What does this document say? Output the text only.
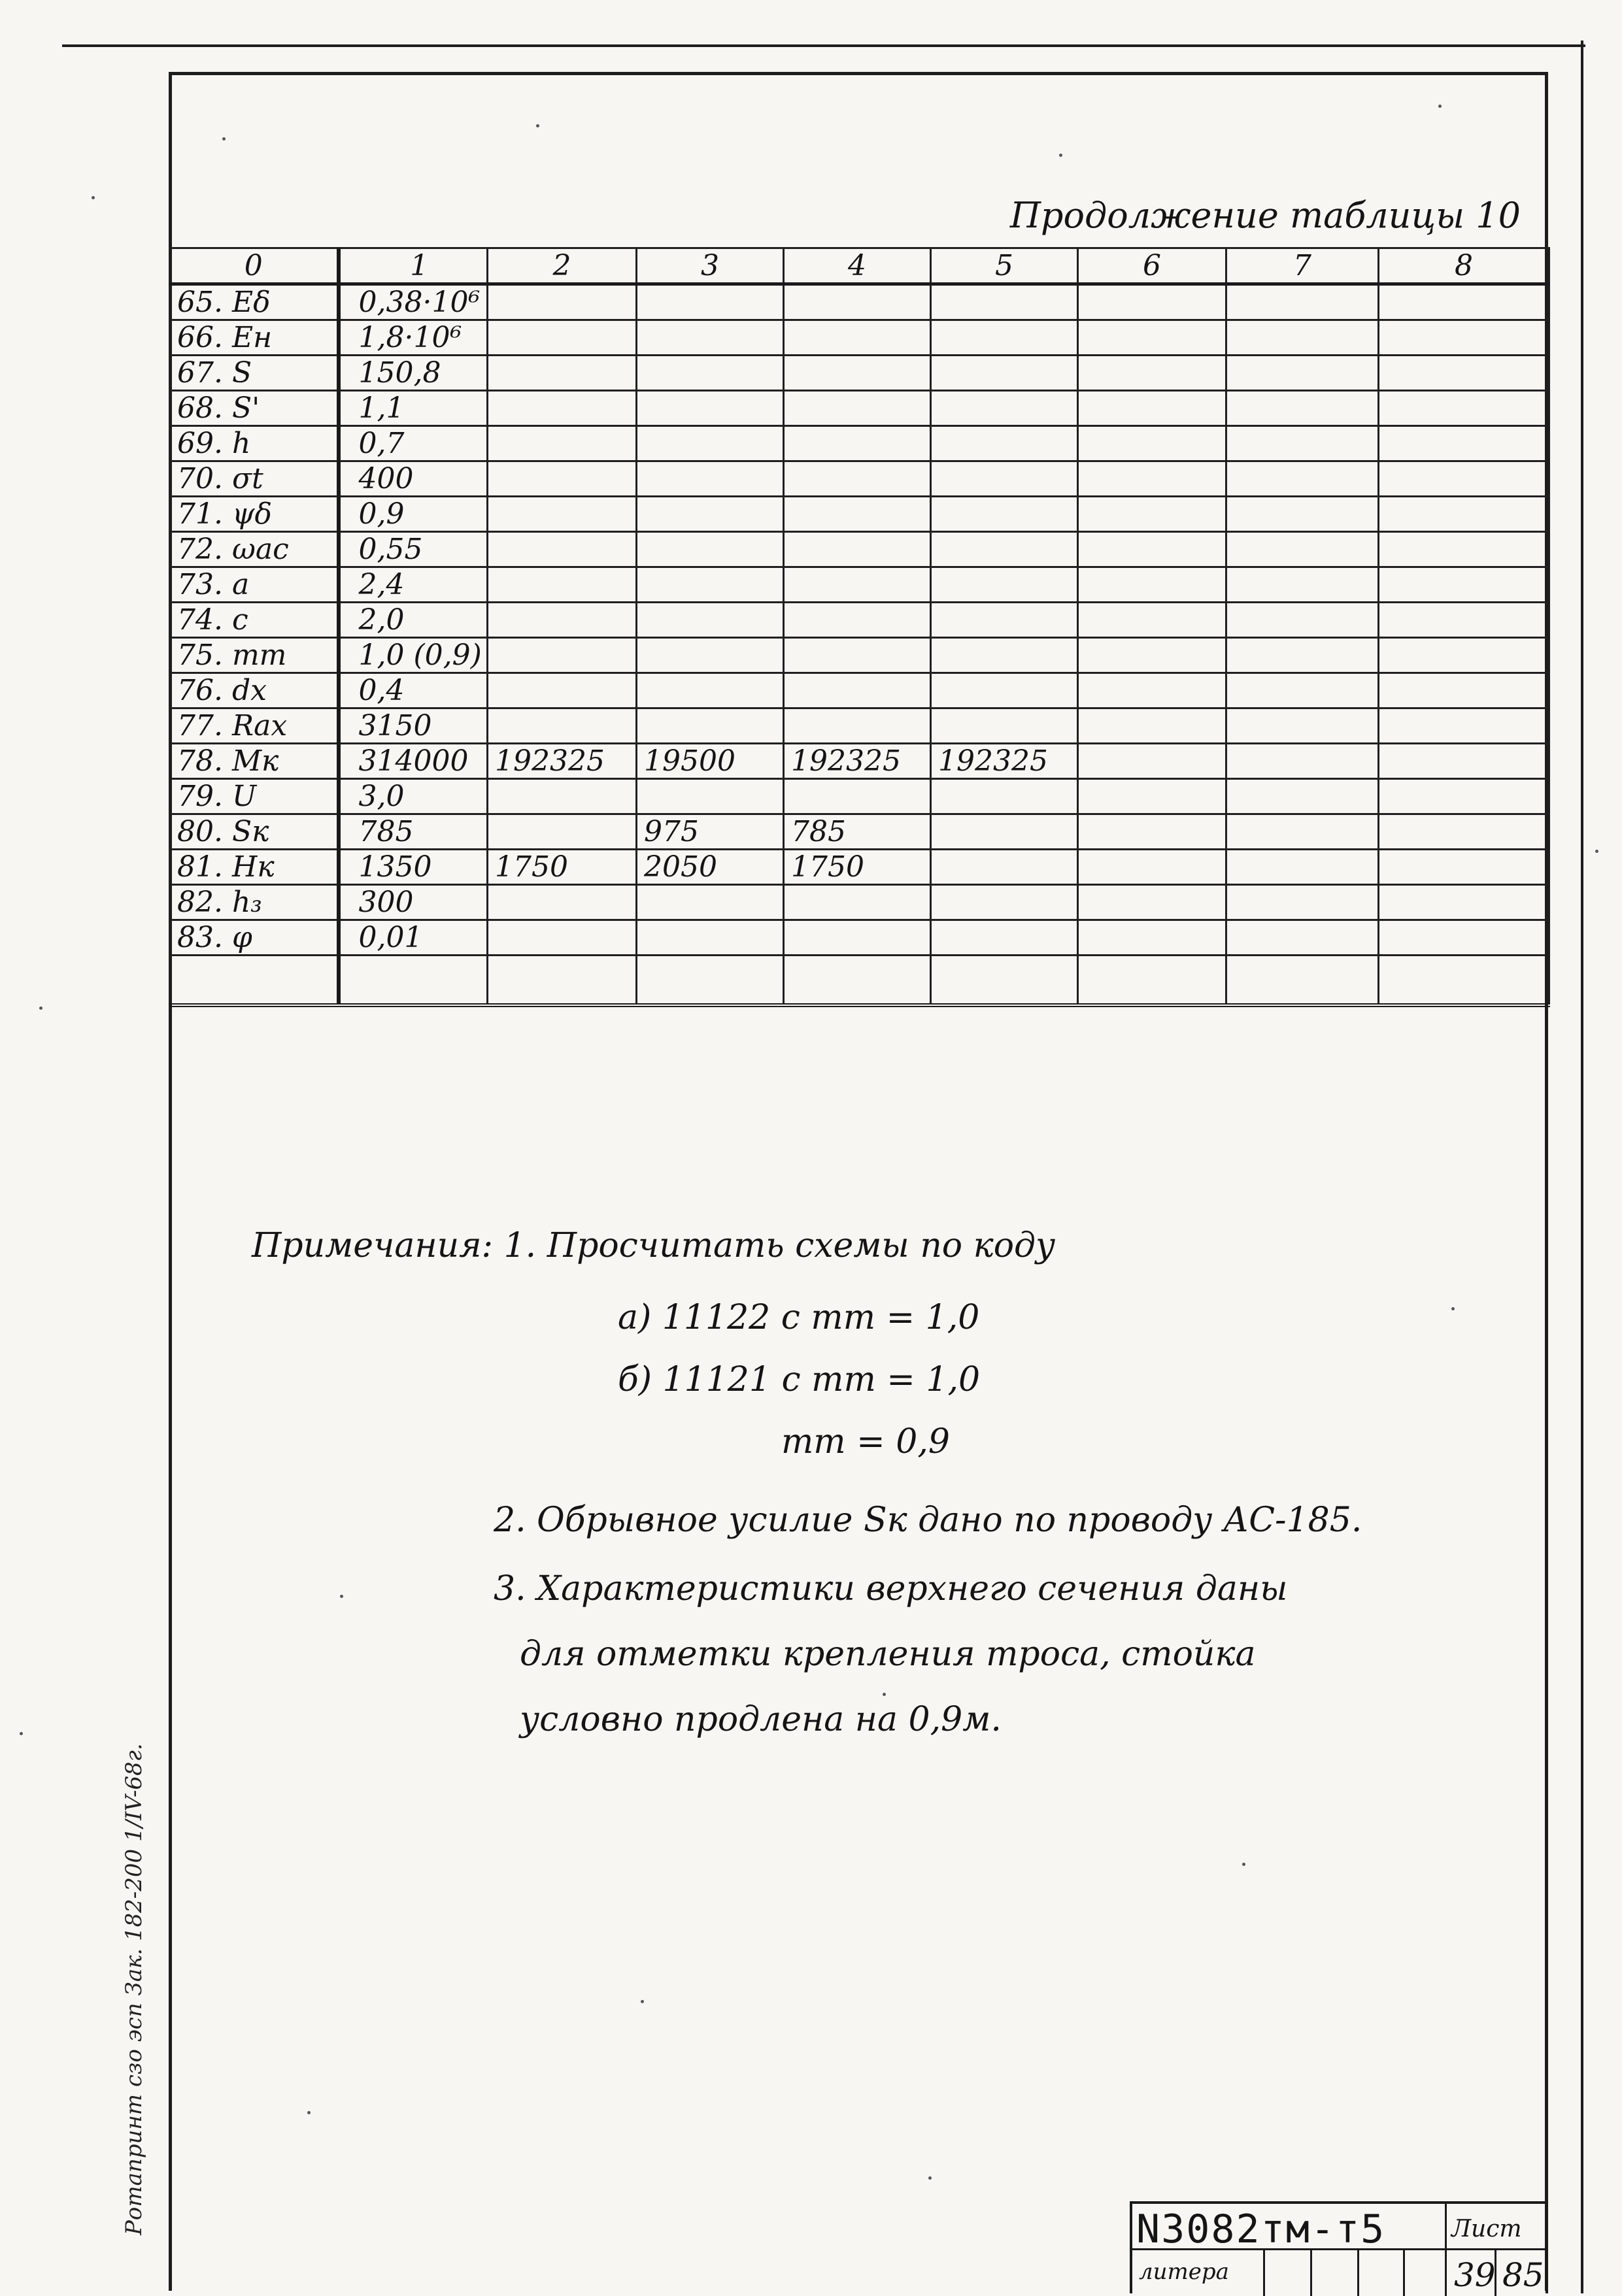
Продолжение таблицы 10
0	1	2	3	4	5	6	7	8
65. Еδ	0,38·10⁶							
66. Ен	1,8·10⁶							
67. S	150,8							
68. S'	1,1							
69. ℎ	0,7							
70. σt	400							
71. ψδ	0,9							
72. ωас	0,55							
73. а	2,4							
74. с	2,0							
75. mт	1,0 (0,9)							
76. dx	0,4							
77. Rах	3150							
78. Мк	314000	192325	19500	192325	192325			
79. U	3,0							
80. Sк	785		975	785				
81. Нк	1350	1750	2050	1750				
82. h₃	300							
83. φ	0,01							

Примечания: 1. Просчитать схемы по коду
а) 11122 с mт = 1,0
б) 11121 с mт = 1,0
mт = 0,9
2. Обрывное усилие Sк дано по проводу АС-185.
3. Характеристики верхнего сечения даны
для отметки крепления троса, стойка
условно продлена на 0,9м.
Ротапринт сзо эсп Зак. 182-200 1/IV-68г.	N3082тм-т5	Лист
39 85
литера
